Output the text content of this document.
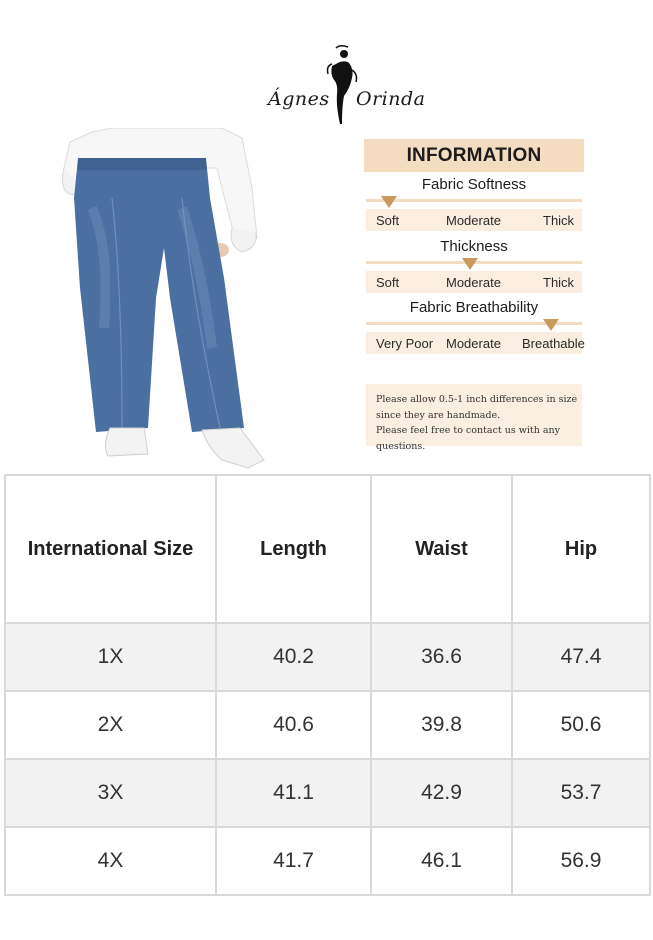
Ágnes Orinda
INFORMATION
Fabric Softness
Soft	Moderate	Thick
Thickness
Soft	Moderate	Thick
Fabric Breathability
Very Poor Moderate Breathable
Please allow 0.5-1 inch differences in size
since they are handmade.
Please feel free to contact us with any questions.
International Size	Length	Waist	Hip
1X	40.2	36.6	47.4
2X	40.6	39.8	50.6
3X	41.1	42.9	53.7
4X	41.7	46.1	56.9
